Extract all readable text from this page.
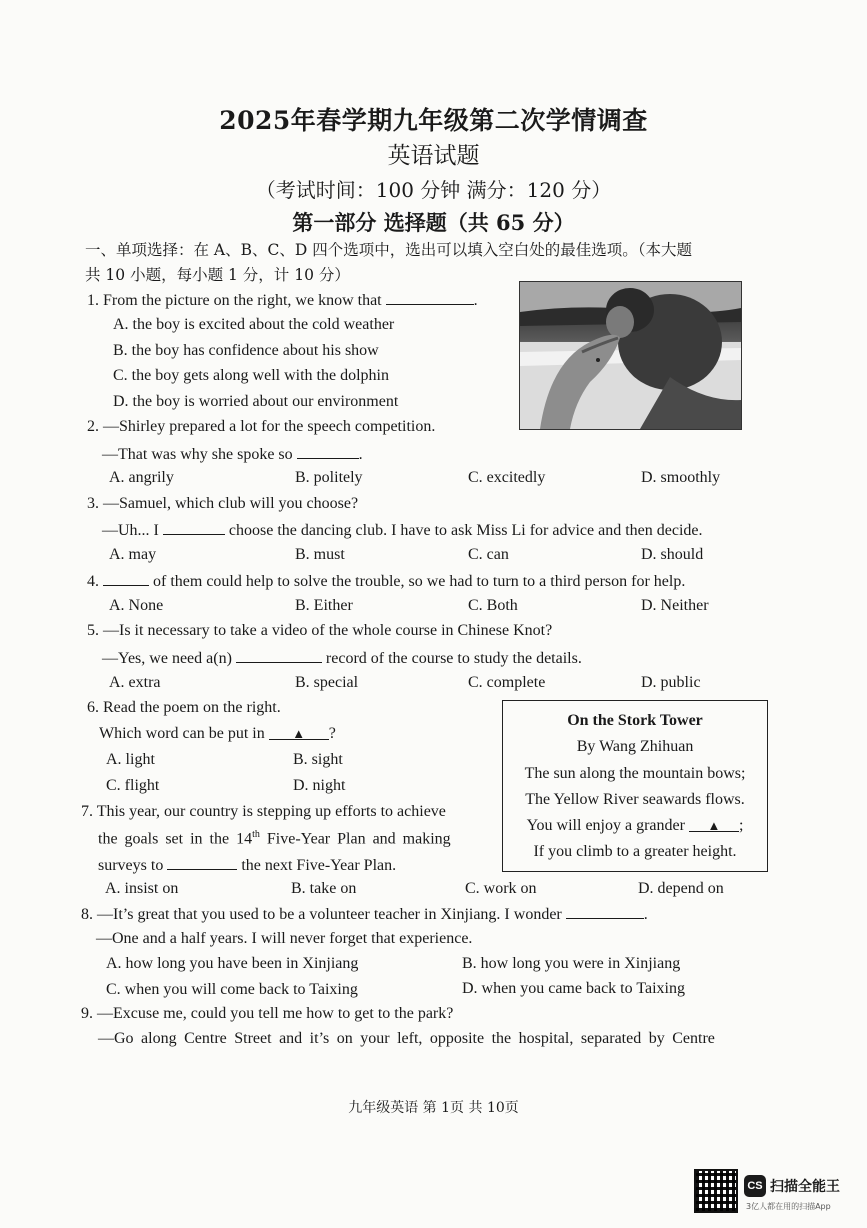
2025年春学期九年级第二次学情调查
英语试题
（考试时间：100 分钟 满分：120 分）
第一部分 选择题（共 65 分）
一、单项选择：在 A、B、C、D 四个选项中，选出可以填入空白处的最佳选项。（本大题
共 10 小题，每小题 1 分，计 10 分）
1. From the picture on the right, we know that	.
A. the boy is excited about the cold weather
B. the boy has confidence about his show
C. the boy gets along well with the dolphin
D. the boy is worried about our environment
2. —Shirley prepared a lot for the speech competition.
—That was why she spoke so	.
A. angrily	B. politely	C. excitedly	D. smoothly
3. —Samuel, which club will you choose?
—Uh... I	choose the dancing club. I have to ask Miss Li for advice and then decide.
A. may	B. must	C. can	D. should
4.	of them could help to solve the trouble, so we had to turn to a third person for help.
A. None	B. Either	C. Both	D. Neither
5. —Is it necessary to take a video of the whole course in Chinese Knot?
—Yes, we need a(n)	record of the course to study the details.
A. extra	B. special	C. complete	D. public
6. Read the poem on the right.
Which word can be put in ▲ ?
A. light	B. sight
C. flight	D. night
On the Stork Tower
By Wang Zhihuan
The sun along the mountain bows;
The Yellow River seawards flows.
You will enjoy a grander ▲ ;
If you climb to a greater height.
7. This year, our country is stepping up efforts to achieve
the goals set in the 14th Five-Year Plan and making
surveys to	the next Five-Year Plan.
A. insist on	B. take on	C. work on	D. depend on
8. —It’s great that you used to be a volunteer teacher in Xinjiang. I wonder	.
—One and a half years. I will never forget that experience.
A. how long you have been in Xinjiang	B. how long you were in Xinjiang
C. when you will come back to Taixing	D. when you came back to Taixing
9. —Excuse me, could you tell me how to get to the park?
—Go along Centre Street and it’s on your left, opposite the hospital, separated by Centre
九年级英语 第 1页 共 10页
CS 扫描全能王
3亿人都在用的扫描App
